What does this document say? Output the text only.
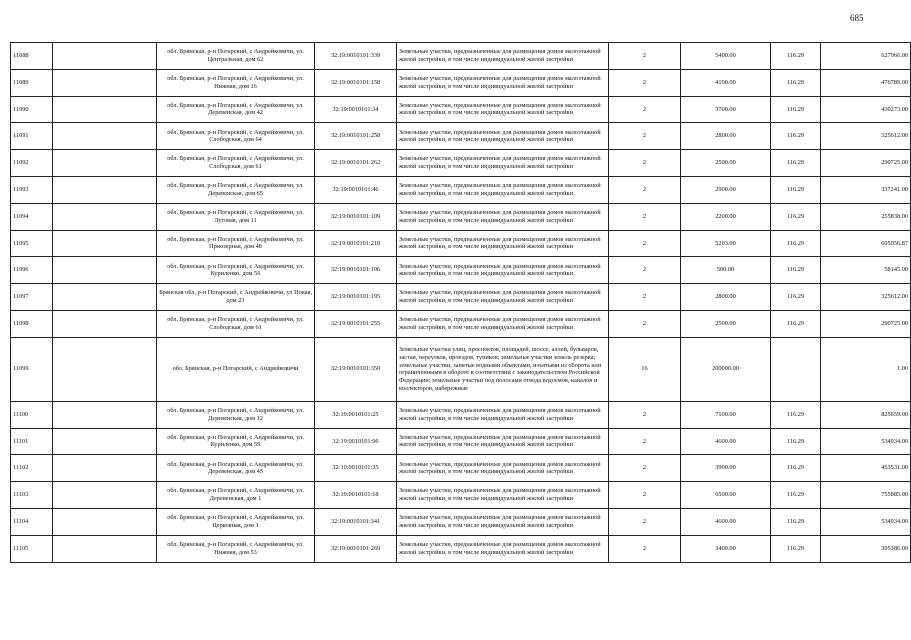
685
11088		обл. Брянская, р-н Погарский, с Андрейковичи, ул. Центральная, дом 62	32:19:0010101:339	Земельные участки, предназначенные для размещения домов малоэтажной жилой застройки, в том числе индивидуальной жилой застройки	2	5400.00	116.29	627966.00
11089		обл. Брянская, р-н Погарский, с Андрейковичи, ул. Нижняя, дом 16	32:19:0010101:158	Земельные участки, предназначенные для размещения домов малоэтажной жилой застройки, в том числе индивидуальной жилой застройки	2	4100.00	116.29	476789.00
11090		обл. Брянская, р-н Погарский, с Андрейковичи, ул. Деревенская, дом 42	32:19:0010101:34	Земельные участки, предназначенные для размещения домов малоэтажной жилой застройки, в том числе индивидуальной жилой застройки	2	3700.00	116.29	430273.00
11091		обл. Брянская, р-н Погарский, с Андрейковичи, ул. Слободская, дом 64	32:19:0010101:258	Земельные участки, предназначенные для размещения домов малоэтажной жилой застройки, в том числе индивидуальной жилой застройки	2	2800.00	116.29	325612.00
11092		обл. Брянская, р-н Погарский, с Андрейковичи, ул. Слободская, дом 61	32:19:0010101:262	Земельные участки, предназначенные для размещения домов малоэтажной жилой застройки, в том числе индивидуальной жилой застройки	2	2500.00	116.29	290725.00
11093		обл. Брянская, р-н Погарский, с Андрейковичи, ул. Деревенская, дом 65	32:19:0010101:46	Земельные участки, предназначенные для размещения домов малоэтажной жилой застройки, в том числе индивидуальной жилой застройки	2	2900.00	116.29	337241.00
11094		обл. Брянская, р-н Погарский, с Андрейковичи, ул. Луговая, дом 11	32:19:0010101:109	Земельные участки, предназначенные для размещения домов малоэтажной жилой застройки, в том числе индивидуальной жилой застройки	2	2200.00	116.29	255838.00
11095		обл. Брянская, р-н Погарский, с Андрейковичи, ул. Приозерная, дом 48	32:19:0010101:218	Земельные участки, предназначенные для размещения домов малоэтажной жилой застройки, в том числе индивидуальной жилой застройки	2	5203.00	116.29	605056.87
11096		обл. Брянская, р-н Погарский, с Андрейковичи, ул. Куриленко, дом 56	32:19:0010101:106	Земельные участки, предназначенные для размещения домов малоэтажной жилой застройки, в том числе индивидуальной жилой застройки	2	500.00	116.29	58145.00
11097		Брянская обл, р-н Погарский, с Андрейковичи, ул Новая, дом 23	32:19:0010101:195	Земельные участки, предназначенные для размещения домов малоэтажной жилой застройки, в том числе индивидуальной жилой застройки	2	2800.00	116.29	325612.00
11098		обл. Брянская, р-н Погарский, с Андрейковичи, ул. Слободская, дом 61	32:19:0010101:255	Земельные участки, предназначенные для размещения домов малоэтажной жилой застройки, в том числе индивидуальной жилой застройки	2	2500.00	116.29	290725.00
11099		обл. Брянская, р-н Погарский, с Андрейковичи	32:19:0010101:350	Земельные участки улиц, проспектов, площадей, шоссе, аллей, бульваров, застав, переулков, проездов, тупиков; земельные участки земель резерва; земельные участки, занятые водными объектами, изъятыми из оборота или ограниченными в обороте в соответствии с законодательством Российской Федерации; земельные участки под полосами отвода водоемов, каналов и коллекторов, набережные	16	200000.00		1.00
11100		обл. Брянская, р-н Погарский, с Андрейковичи, ул. Деревенская, дом 12	32:19:0010101:25	Земельные участки, предназначенные для размещения домов малоэтажной жилой застройки, в том числе индивидуальной жилой застройки	2	7100.00	116.29	825659.00
11101		обл. Брянская, р-н Погарский, с Андрейковичи, ул. Куриленко, дом 59	32:19:0010101:96	Земельные участки, предназначенные для размещения домов малоэтажной жилой застройки, в том числе индивидуальной жилой застройки	2	4600.00	116.29	534934.00
11102		обл. Брянская, р-н Погарский, с Андрейковичи, ул. Деревенская, дом 45	32:19:0010101:35	Земельные участки, предназначенные для размещения домов малоэтажной жилой застройки, в том числе индивидуальной жилой застройки	2	3900.00	116.29	453531.00
11103		обл. Брянская, р-н Погарский, с Андрейковичи, ул. Деревенская, дом 1	32:19:0010101:18	Земельные участки, предназначенные для размещения домов малоэтажной жилой застройки, в том числе индивидуальной жилой застройки	2	6500.00	116.29	755885.00
11104		обл. Брянская, р-н Погарский, с Андрейковичи, ул. Церковная, дом 1	32:19:0010101:341	Земельные участки, предназначенные для размещения домов малоэтажной жилой застройки, в том числе индивидуальной жилой застройки	2	4600.00	116.29	534934.00
11105		обл. Брянская, р-н Погарский, с Андрейковичи, ул. Нижняя, дом 53	32:19:0010101:269	Земельные участки, предназначенные для размещения домов малоэтажной жилой застройки, в том числе индивидуальной жилой застройки	2	3400.00	116.29	395386.00
